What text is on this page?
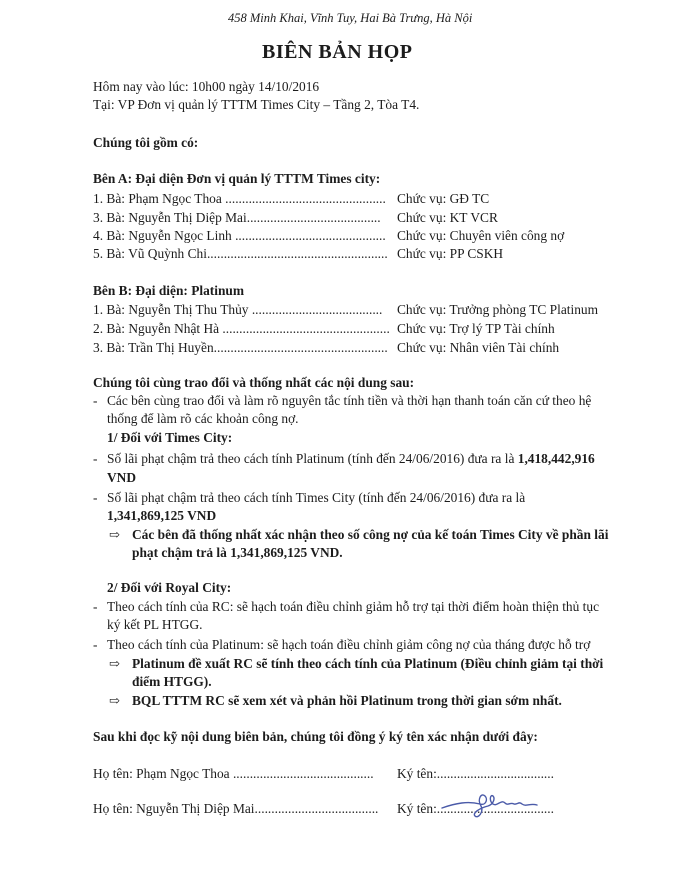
458 Minh Khai, Vĩnh Tuy, Hai Bà Trưng, Hà Nội
BIÊN BẢN HỌP
Hôm nay vào lúc: 10h00 ngày 14/10/2016
Tại: VP Đơn vị quản lý TTTM Times City – Tầng 2, Tòa T4.
Chúng tôi gồm có:
Bên A: Đại diện Đơn vị quản lý TTTM Times city:
1. Bà: Phạm Ngọc Thoa ................................................ Chức vụ: GĐ TC
3. Bà: Nguyễn Thị Diệp Mai........................................ Chức vụ: KT VCR
4. Bà: Nguyễn Ngọc Linh ............................................. Chức vụ: Chuyên viên công nợ
5. Bà: Vũ Quỳnh Chi...................................................... Chức vụ: PP CSKH
Bên B: Đại diện: Platinum
1. Bà: Nguyễn Thị Thu Thủy ....................................... Chức vụ: Trưởng phòng TC Platinum
2. Bà: Nguyễn Nhật Hà .................................................. Chức vụ: Trợ lý TP Tài chính
3. Bà: Trần Thị Huyền.................................................... Chức vụ: Nhân viên Tài chính
Chúng tôi cùng trao đổi và thống nhất các nội dung sau:
- Các bên cùng trao đổi và làm rõ nguyên tắc tính tiền và thời hạn thanh toán căn cứ theo hệ
thống để làm rõ các khoản công nợ.
1/ Đối với Times City:
- Số lãi phạt chậm trả theo cách tính Platinum (tính đến 24/06/2016) đưa ra là 1,418,442,916
VND
- Số lãi phạt chậm trả theo cách tính Times City (tính đến 24/06/2016) đưa ra là
1,341,869,125 VND
⇨ Các bên đã thống nhất xác nhận theo số công nợ của kế toán Times City về phần lãi
phạt chậm trả là 1,341,869,125 VND.
2/ Đối với Royal City:
- Theo cách tính của RC: sẽ hạch toán điều chỉnh giảm hỗ trợ tại thời điểm hoàn thiện thủ tục
ký kết PL HTGG.
- Theo cách tính của Platinum: sẽ hạch toán điều chỉnh giảm công nợ của tháng được hỗ trợ
⇨ Platinum đề xuất RC sẽ tính theo cách tính của Platinum (Điều chỉnh giảm tại thời
điểm HTGG).
⇨ BQL TTTM RC sẽ xem xét và phản hồi Platinum trong thời gian sớm nhất.
Sau khi đọc kỹ nội dung biên bản, chúng tôi đồng ý ký tên xác nhận dưới đây:
Họ tên: Phạm Ngọc Thoa .......................................... Ký tên:...................................
Họ tên: Nguyễn Thị Diệp Mai..................................... Ký tên:...................................
